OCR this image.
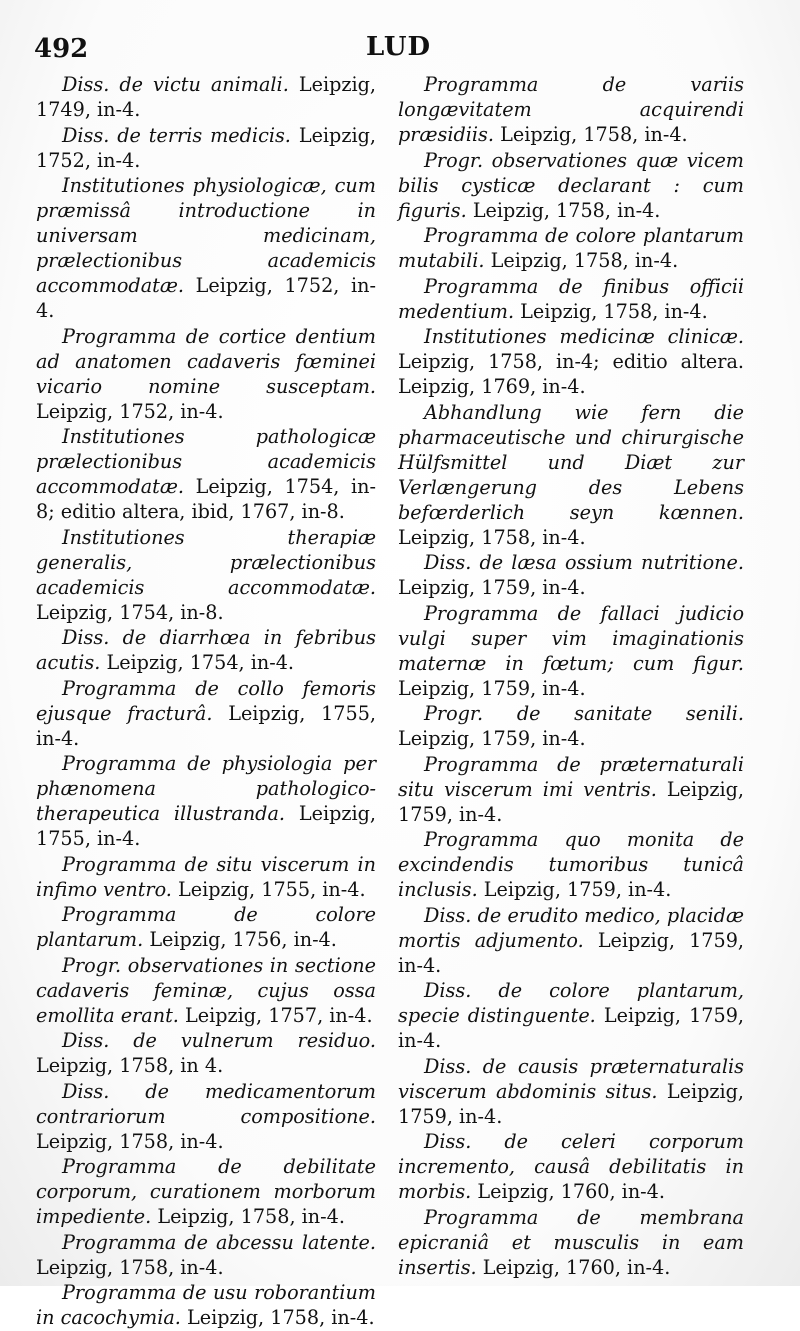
492	LUD

Diss. de victu animali. Leipzig, 1749, in-4.

Diss. de terris medicis. Leipzig, 1752, in-4.

Institutiones physiologicæ, cum præmissâ introductione in universam medicinam, prælectionibus academicis accommodatæ. Leipzig, 1752, in-4.

Programma de cortice dentium ad anatomen cadaveris fœminei vicario nomine susceptam. Leipzig, 1752, in-4.

Institutiones pathologicæ prælectionibus academicis accommodatæ. Leipzig, 1754, in-8; editio altera, ibid, 1767, in-8.

Institutiones therapiæ generalis, prælectionibus academicis accommodatæ. Leipzig, 1754, in-8.

Diss. de diarrhœa in febribus acutis. Leipzig, 1754, in-4.

Programma de collo femoris ejusque fracturâ. Leipzig, 1755, in-4.

Programma de physiologia per phænomena pathologico-therapeutica illustranda. Leipzig, 1755, in-4.

Programma de situ viscerum in infimo ventro. Leipzig, 1755, in-4.

Programma de colore plantarum. Leipzig, 1756, in-4.

Progr. observationes in sectione cadaveris feminæ, cujus ossa emollita erant. Leipzig, 1757, in-4.

Diss. de vulnerum residuo. Leipzig, 1758, in 4.

Diss. de medicamentorum contrariorum compositione. Leipzig, 1758, in-4.

Programma de debilitate corporum, curationem morborum impediente. Leipzig, 1758, in-4.

Programma de abcessu latente. Leipzig, 1758, in-4.

Programma de usu roborantium in cacochymia. Leipzig, 1758, in-4.

Programma de variis longævitatem acquirendi præsidiis. Leipzig, 1758, in-4.

Progr. observationes quæ vicem bilis cysticæ declarant : cum figuris. Leipzig, 1758, in-4.

Programma de colore plantarum mutabili. Leipzig, 1758, in-4.

Programma de finibus officii medentium. Leipzig, 1758, in-4.

Institutiones medicinæ clinicæ. Leipzig, 1758, in-4; editio altera. Leipzig, 1769, in-4.

Abhandlung wie fern die pharmaceutische und chirurgische Hülfsmittel und Diæt zur Verlængerung des Lebens befœrderlich seyn kœnnen. Leipzig, 1758, in-4.

Diss. de læsa ossium nutritione. Leipzig, 1759, in-4.

Programma de fallaci judicio vulgi super vim imaginationis maternæ in fœtum; cum figur. Leipzig, 1759, in-4.

Progr. de sanitate senili. Leipzig, 1759, in-4.

Programma de præternaturali situ viscerum imi ventris. Leipzig, 1759, in-4.

Programma quo monita de excindendis tumoribus tunicâ inclusis. Leipzig, 1759, in-4.

Diss. de erudito medico, placidæ mortis adjumento. Leipzig, 1759, in-4.

Diss. de colore plantarum, specie distinguente. Leipzig, 1759, in-4.

Diss. de causis præternaturalis viscerum abdominis situs. Leipzig, 1759, in-4.

Diss. de celeri corporum incremento, causâ debilitatis in morbis. Leipzig, 1760, in-4.

Programma de membrana epicraniâ et musculis in eam insertis. Leipzig, 1760, in-4.
